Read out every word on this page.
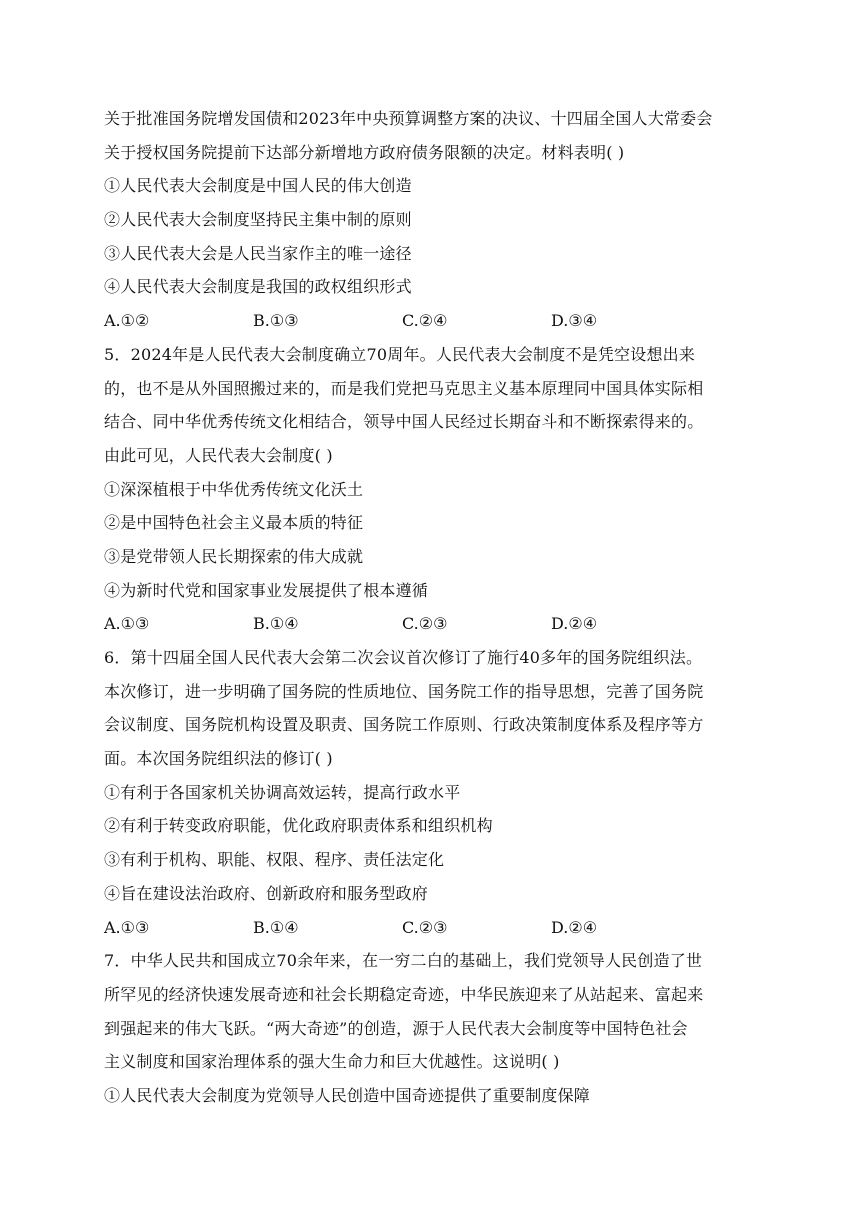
关于批准国务院增发国债和2023年中央预算调整方案的决议、十四届全国人大常委会
关于授权国务院提前下达部分新增地方政府债务限额的决定。材料表明( )
①人民代表大会制度是中国人民的伟大创造
②人民代表大会制度坚持民主集中制的原则
③人民代表大会是人民当家作主的唯一途径
④人民代表大会制度是我国的政权组织形式
A.①②	B.①③	C.②④	D.③④
5．2024年是人民代表大会制度确立70周年。人民代表大会制度不是凭空设想出来
的，也不是从外国照搬过来的，而是我们党把马克思主义基本原理同中国具体实际相
结合、同中华优秀传统文化相结合，领导中国人民经过长期奋斗和不断探索得来的。
由此可见，人民代表大会制度( )
①深深植根于中华优秀传统文化沃土
②是中国特色社会主义最本质的特征
③是党带领人民长期探索的伟大成就
④为新时代党和国家事业发展提供了根本遵循
A.①③	B.①④	C.②③	D.②④
6．第十四届全国人民代表大会第二次会议首次修订了施行40多年的国务院组织法。
本次修订，进一步明确了国务院的性质地位、国务院工作的指导思想，完善了国务院
会议制度、国务院机构设置及职责、国务院工作原则、行政决策制度体系及程序等方
面。本次国务院组织法的修订( )
①有利于各国家机关协调高效运转，提高行政水平
②有利于转变政府职能，优化政府职责体系和组织机构
③有利于机构、职能、权限、程序、责任法定化
④旨在建设法治政府、创新政府和服务型政府
A.①③	B.①④	C.②③	D.②④
7．中华人民共和国成立70余年来，在一穷二白的基础上，我们党领导人民创造了世
所罕见的经济快速发展奇迹和社会长期稳定奇迹，中华民族迎来了从站起来、富起来
到强起来的伟大飞跃。“两大奇迹”的创造，源于人民代表大会制度等中国特色社会
主义制度和国家治理体系的强大生命力和巨大优越性。这说明( )
①人民代表大会制度为党领导人民创造中国奇迹提供了重要制度保障
